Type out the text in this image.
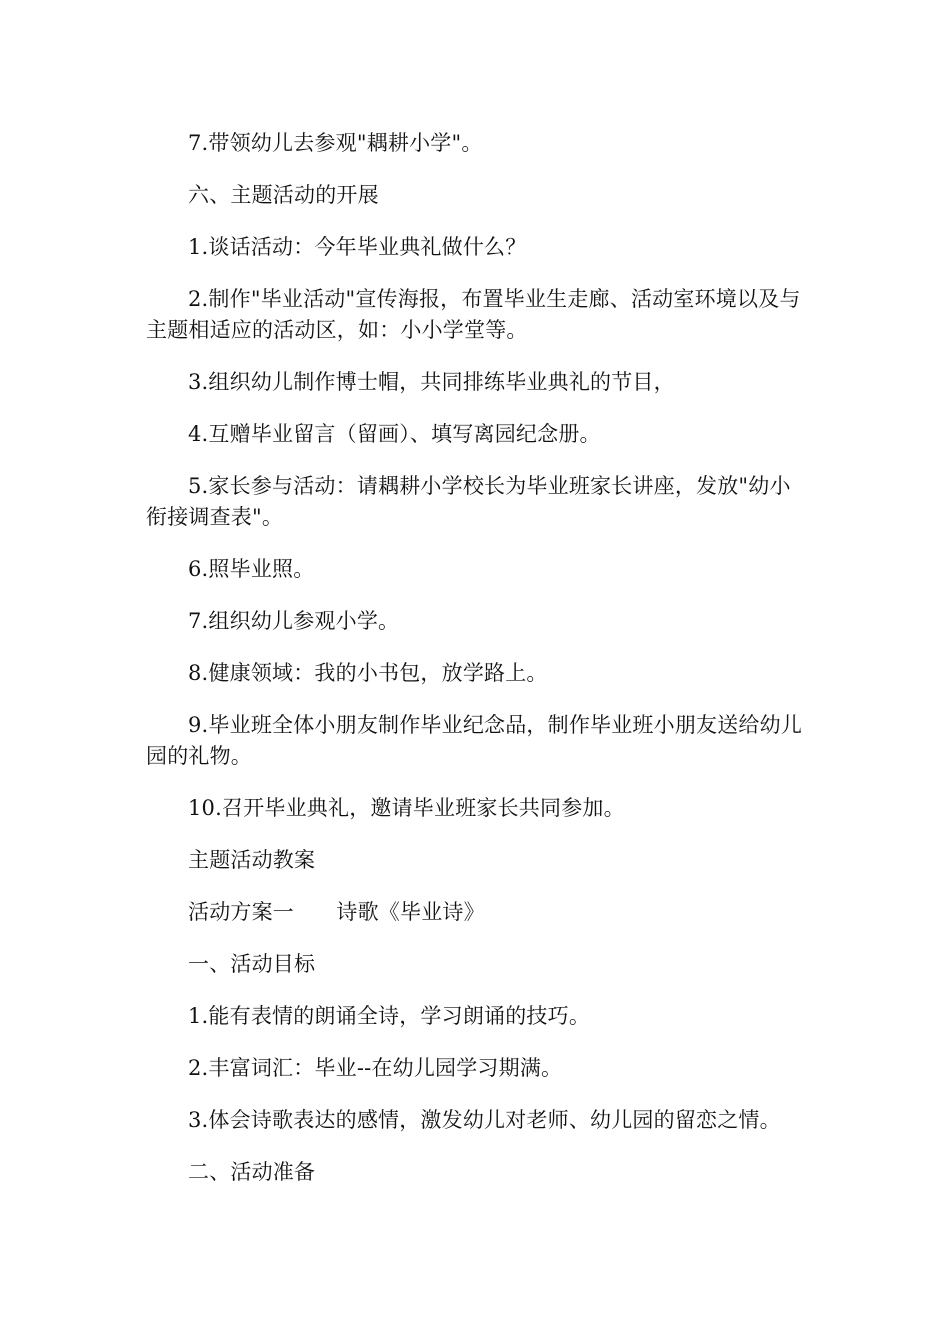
7.带领幼儿去参观"耦耕小学"。

六、主题活动的开展

1.谈话活动：今年毕业典礼做什么？

2.制作"毕业活动"宣传海报，布置毕业生走廊、活动室环境以及与主题相适应的活动区，如：小小学堂等。

3.组织幼儿制作博士帽，共同排练毕业典礼的节目，

4.互赠毕业留言（留画）、填写离园纪念册。

5.家长参与活动：请耦耕小学校长为毕业班家长讲座，发放"幼小衔接调查表"。

6.照毕业照。

7.组织幼儿参观小学。

8.健康领域：我的小书包，放学路上。

9.毕业班全体小朋友制作毕业纪念品，制作毕业班小朋友送给幼儿园的礼物。

10.召开毕业典礼，邀请毕业班家长共同参加。

主题活动教案

活动方案一　　诗歌《毕业诗》

一、活动目标

1.能有表情的朗诵全诗，学习朗诵的技巧。

2.丰富词汇：毕业--在幼儿园学习期满。

3.体会诗歌表达的感情，激发幼儿对老师、幼儿园的留恋之情。

二、活动准备
